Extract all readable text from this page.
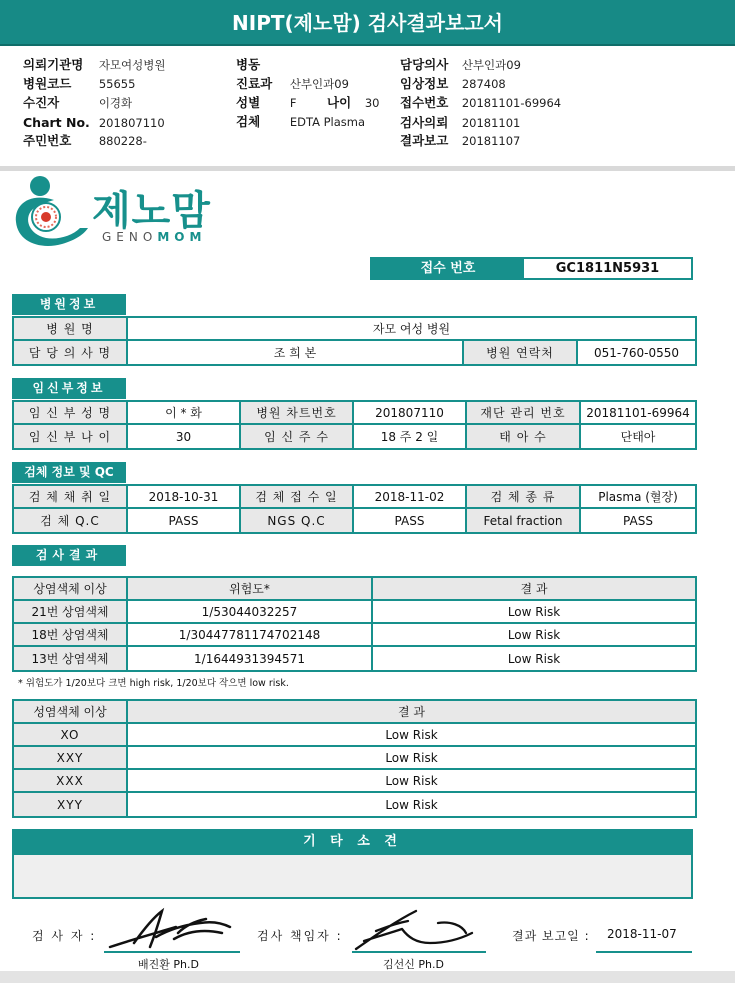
NIPT(제노맘) 검사결과보고서
의뢰기관명 자모여성병원
병원코드 55655
수진자	이경화
Chart No. 201807110
주민번호 880228-
병동
진료과 산부인과09
성별	F 나이 30
검체	EDTA Plasma
담당의사 산부인과09
임상정보 287408
접수번호 20181101-69964
검사의뢰 20181101
결과보고 20181107
제노맘
GENOMOM
접수 번호	GC1811N5931
병원정보
병 원 명	자모 여성 병원		
담 당 의 사 명	조 희 본	병원 연락처	051-760-0550
임신부정보
임 신 부 성 명	이 * 화	병원 차트번호	201807110	재단 관리 번호	20181101-69964
임 신 부 나 이	30	임 신 주 수	18 주 2 일	태 아 수	단태아
검체 정보 및 QC
검 체 채 취 일	2018-10-31	검 체 접 수 일	2018-11-02	검 체 종 류	Plasma (혈장)
검 체 Q.C	PASS	NGS Q.C	PASS	Fetal fraction	PASS
검사결과
상염색체 이상	위험도*	결 과
21번 상염색체	1/53044032257	Low Risk
18번 상염색체	1/30447781174702148	Low Risk
13번 상염색체	1/1644931394571	Low Risk
* 위험도가 1/20보다 크면 high risk, 1/20보다 작으면 low risk.
성염색체 이상	결 과
XO	Low Risk
XXY	Low Risk
XXX	Low Risk
XYY	Low Risk
기 타 소 견
검 사 자 :
배진환 Ph.D
검사 책임자 :
김선신 Ph.D
결과 보고일 : 2018-11-07
